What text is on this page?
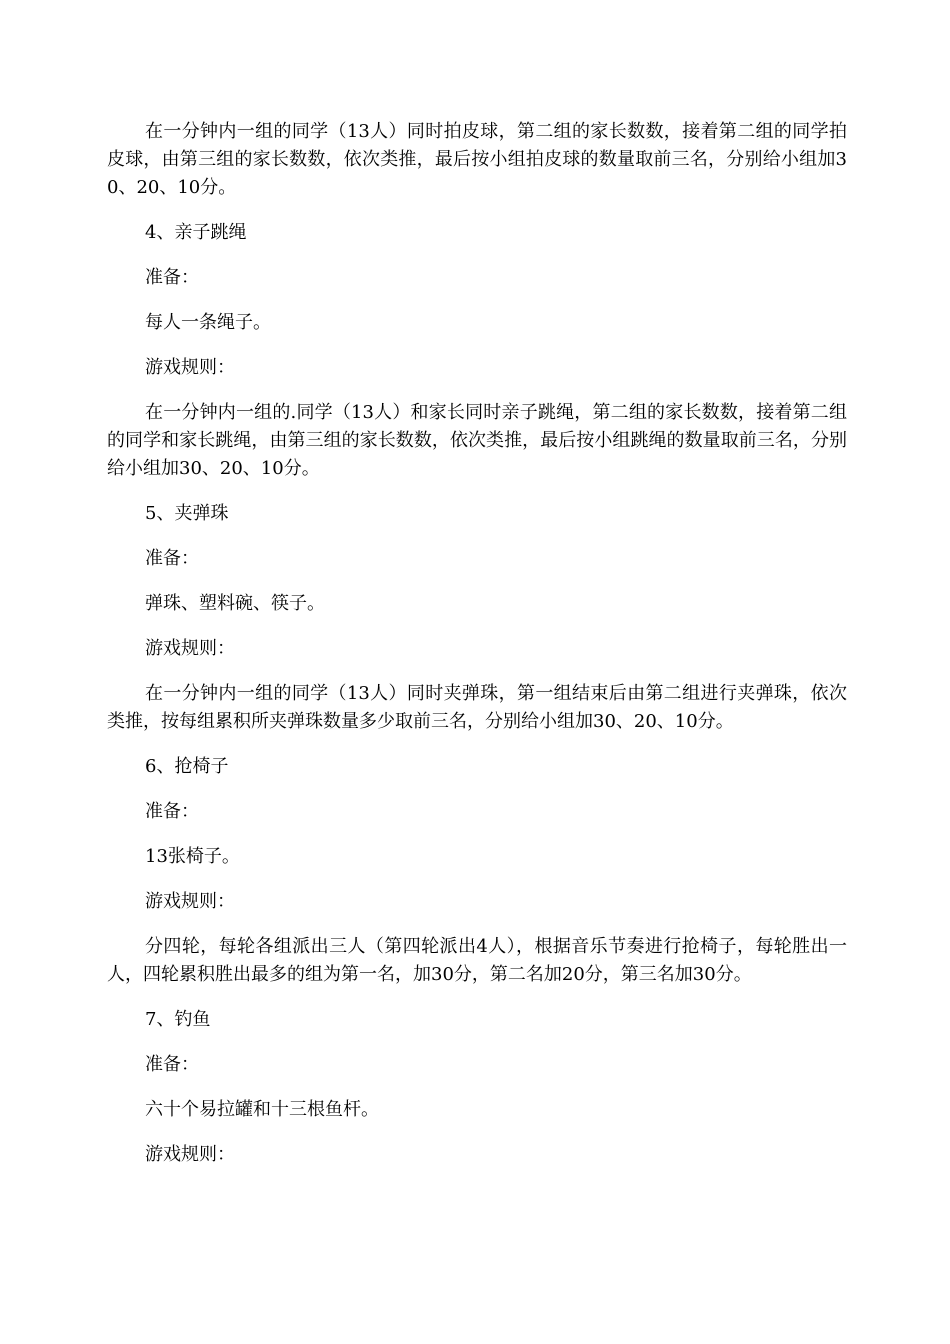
在一分钟内一组的同学（13人）同时拍皮球，第二组的家长数数，接着第二组的同学拍皮球，由第三组的家长数数，依次类推，最后按小组拍皮球的数量取前三名，分别给小组加30、20、10分。

4、亲子跳绳

准备：

每人一条绳子。

游戏规则：

在一分钟内一组的.同学（13人）和家长同时亲子跳绳，第二组的家长数数，接着第二组的同学和家长跳绳，由第三组的家长数数，依次类推，最后按小组跳绳的数量取前三名，分别给小组加30、20、10分。

5、夹弹珠

准备：

弹珠、塑料碗、筷子。

游戏规则：

在一分钟内一组的同学（13人）同时夹弹珠，第一组结束后由第二组进行夹弹珠，依次类推，按每组累积所夹弹珠数量多少取前三名，分别给小组加30、20、10分。

6、抢椅子

准备：

13张椅子。

游戏规则：

分四轮，每轮各组派出三人（第四轮派出4人），根据音乐节奏进行抢椅子，每轮胜出一人，四轮累积胜出最多的组为第一名，加30分，第二名加20分，第三名加30分。

7、钓鱼

准备：

六十个易拉罐和十三根鱼杆。

游戏规则：
